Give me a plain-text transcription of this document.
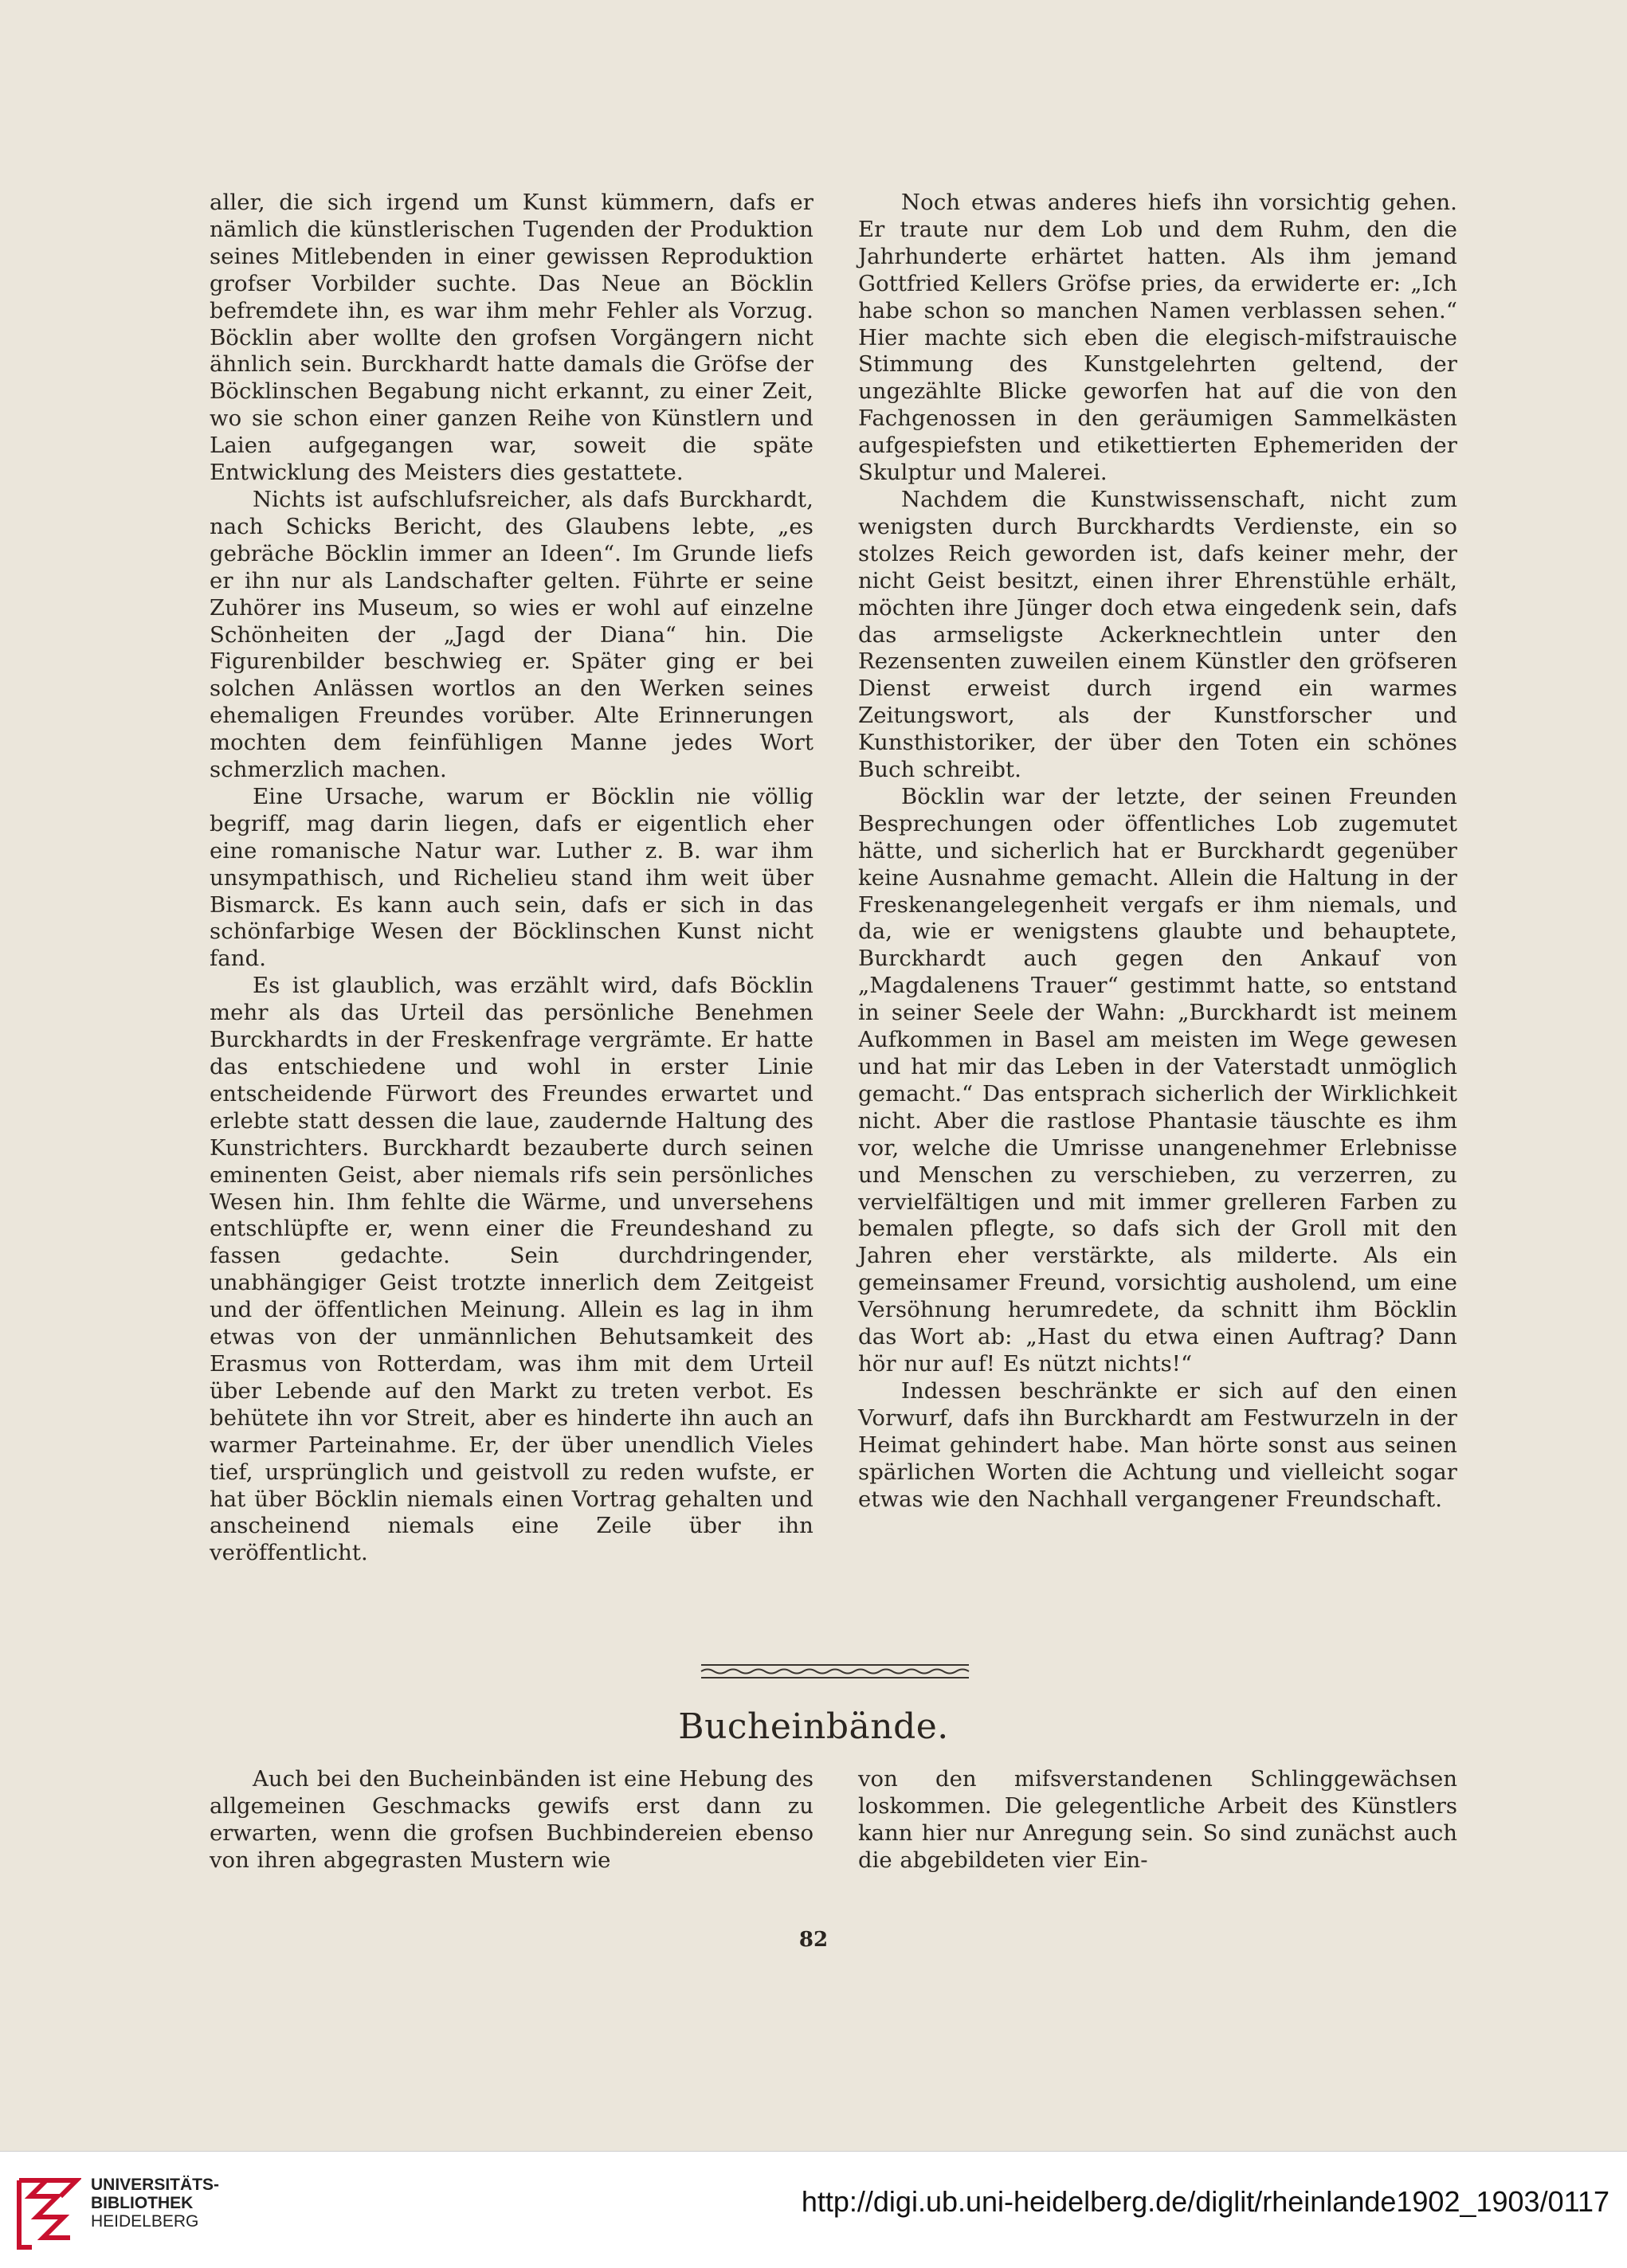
aller, die sich irgend um Kunst kümmern, dafs er nämlich die künstlerischen Tugenden der Produktion seines Mitlebenden in einer gewissen Reproduktion grofser Vorbilder suchte. Das Neue an Böcklin befremdete ihn, es war ihm mehr Fehler als Vorzug. Böcklin aber wollte den grofsen Vorgängern nicht ähnlich sein. Burckhardt hatte damals die Gröfse der Böcklinschen Begabung nicht erkannt, zu einer Zeit, wo sie schon einer ganzen Reihe von Künstlern und Laien aufgegangen war, soweit die späte Entwicklung des Meisters dies gestattete.

Nichts ist aufschlufsreicher, als dafs Burckhardt, nach Schicks Bericht, des Glaubens lebte, „es gebräche Böcklin immer an Ideen“. Im Grunde liefs er ihn nur als Landschafter gelten. Führte er seine Zuhörer ins Museum, so wies er wohl auf einzelne Schönheiten der „Jagd der Diana“ hin. Die Figurenbilder beschwieg er. Später ging er bei solchen Anlässen wortlos an den Werken seines ehemaligen Freundes vorüber. Alte Erinnerungen mochten dem feinfühligen Manne jedes Wort schmerzlich machen.

Eine Ursache, warum er Böcklin nie völlig begriff, mag darin liegen, dafs er eigentlich eher eine romanische Natur war. Luther z. B. war ihm unsympathisch, und Richelieu stand ihm weit über Bismarck. Es kann auch sein, dafs er sich in das schönfarbige Wesen der Böcklinschen Kunst nicht fand.

Es ist glaublich, was erzählt wird, dafs Böcklin mehr als das Urteil das persönliche Benehmen Burckhardts in der Freskenfrage vergrämte. Er hatte das entschiedene und wohl in erster Linie entscheidende Fürwort des Freundes erwartet und erlebte statt dessen die laue, zaudernde Haltung des Kunstrichters. Burckhardt bezauberte durch seinen eminenten Geist, aber niemals rifs sein persönliches Wesen hin. Ihm fehlte die Wärme, und unversehens entschlüpfte er, wenn einer die Freundeshand zu fassen gedachte. Sein durchdringender, unabhängiger Geist trotzte innerlich dem Zeitgeist und der öffentlichen Meinung. Allein es lag in ihm etwas von der unmännlichen Behutsamkeit des Erasmus von Rotterdam, was ihm mit dem Urteil über Lebende auf den Markt zu treten verbot. Es behütete ihn vor Streit, aber es hinderte ihn auch an warmer Parteinahme. Er, der über unendlich Vieles tief, ursprünglich und geistvoll zu reden wufste, er hat über Böcklin niemals einen Vortrag gehalten und anscheinend niemals eine Zeile über ihn veröffentlicht.

Noch etwas anderes hiefs ihn vorsichtig gehen. Er traute nur dem Lob und dem Ruhm, den die Jahrhunderte erhärtet hatten. Als ihm jemand Gottfried Kellers Gröfse pries, da erwiderte er: „Ich habe schon so manchen Namen verblassen sehen.“ Hier machte sich eben die elegisch-mifstrauische Stimmung des Kunstgelehrten geltend, der ungezählte Blicke geworfen hat auf die von den Fachgenossen in den geräumigen Sammelkästen aufgespiefsten und etikettierten Ephemeriden der Skulptur und Malerei.

Nachdem die Kunstwissenschaft, nicht zum wenigsten durch Burckhardts Verdienste, ein so stolzes Reich geworden ist, dafs keiner mehr, der nicht Geist besitzt, einen ihrer Ehrenstühle erhält, möchten ihre Jünger doch etwa eingedenk sein, dafs das armseligste Ackerknechtlein unter den Rezensenten zuweilen einem Künstler den gröfseren Dienst erweist durch irgend ein warmes Zeitungswort, als der Kunstforscher und Kunsthistoriker, der über den Toten ein schönes Buch schreibt.

Böcklin war der letzte, der seinen Freunden Besprechungen oder öffentliches Lob zugemutet hätte, und sicherlich hat er Burckhardt gegenüber keine Ausnahme gemacht. Allein die Haltung in der Freskenangelegenheit vergafs er ihm niemals, und da, wie er wenigstens glaubte und behauptete, Burckhardt auch gegen den Ankauf von „Magdalenens Trauer“ gestimmt hatte, so entstand in seiner Seele der Wahn: „Burckhardt ist meinem Aufkommen in Basel am meisten im Wege gewesen und hat mir das Leben in der Vaterstadt unmöglich gemacht.“ Das entsprach sicherlich der Wirklichkeit nicht. Aber die rastlose Phantasie täuschte es ihm vor, welche die Umrisse unangenehmer Erlebnisse und Menschen zu verschieben, zu verzerren, zu vervielfältigen und mit immer grelleren Farben zu bemalen pflegte, so dafs sich der Groll mit den Jahren eher verstärkte, als milderte. Als ein gemeinsamer Freund, vorsichtig ausholend, um eine Versöhnung herumredete, da schnitt ihm Böcklin das Wort ab: „Hast du etwa einen Auftrag? Dann hör nur auf! Es nützt nichts!“

Indessen beschränkte er sich auf den einen Vorwurf, dafs ihn Burckhardt am Festwurzeln in der Heimat gehindert habe. Man hörte sonst aus seinen spärlichen Worten die Achtung und vielleicht sogar etwas wie den Nachhall vergangener Freundschaft.

Bucheinbände.

Auch bei den Bucheinbänden ist eine Hebung des allgemeinen Geschmacks gewifs erst dann zu erwarten, wenn die grofsen Buchbindereien ebenso von ihren abgegrasten Mustern wie

von den mifsverstandenen Schlinggewächsen loskommen. Die gelegentliche Arbeit des Künstlers kann hier nur Anregung sein. So sind zunächst auch die abgebildeten vier Ein-

82
UNIVERSITÄTS-
BIBLIOTHEK
HEIDELBERG
http://digi.ub.uni-heidelberg.de/diglit/rheinlande1902_1903/0117
